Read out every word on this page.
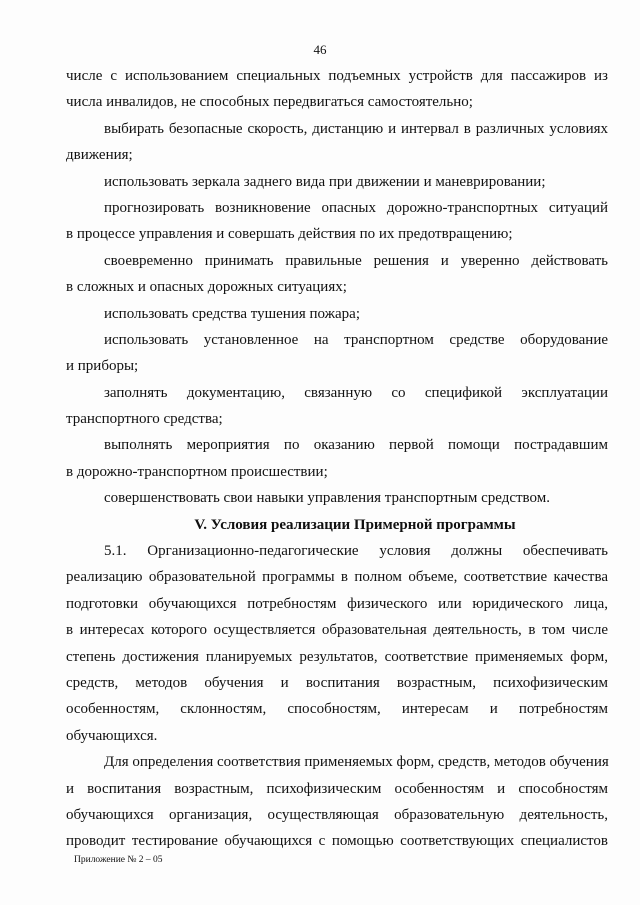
46
числе с использованием специальных подъемных устройств для пассажиров из
числа инвалидов, не способных передвигаться самостоятельно;
выбирать безопасные скорость, дистанцию и интервал в различных условиях
движения;
использовать зеркала заднего вида при движении и маневрировании;
прогнозировать возникновение опасных дорожно-транспортных ситуаций
в процессе управления и совершать действия по их предотвращению;
своевременно принимать правильные решения и уверенно действовать
в сложных и опасных дорожных ситуациях;
использовать средства тушения пожара;
использовать установленное на транспортном средстве оборудование
и приборы;
заполнять документацию, связанную со спецификой эксплуатации
транспортного средства;
выполнять мероприятия по оказанию первой помощи пострадавшим
в дорожно-транспортном происшествии;
совершенствовать свои навыки управления транспортным средством.
V. Условия реализации Примерной программы
5.1. Организационно-педагогические условия должны обеспечивать
реализацию образовательной программы в полном объеме, соответствие качества
подготовки обучающихся потребностям физического или юридического лица,
в интересах которого осуществляется образовательная деятельность, в том числе
степень достижения планируемых результатов, соответствие применяемых форм,
средств, методов обучения и воспитания возрастным, психофизическим
особенностям, склонностям, способностям, интересам и потребностям
обучающихся.
Для определения соответствия применяемых форм, средств, методов обучения
и воспитания возрастным, психофизическим особенностям и способностям
обучающихся организация, осуществляющая образовательную деятельность,
проводит тестирование обучающихся с помощью соответствующих специалистов
Приложение № 2 – 05
